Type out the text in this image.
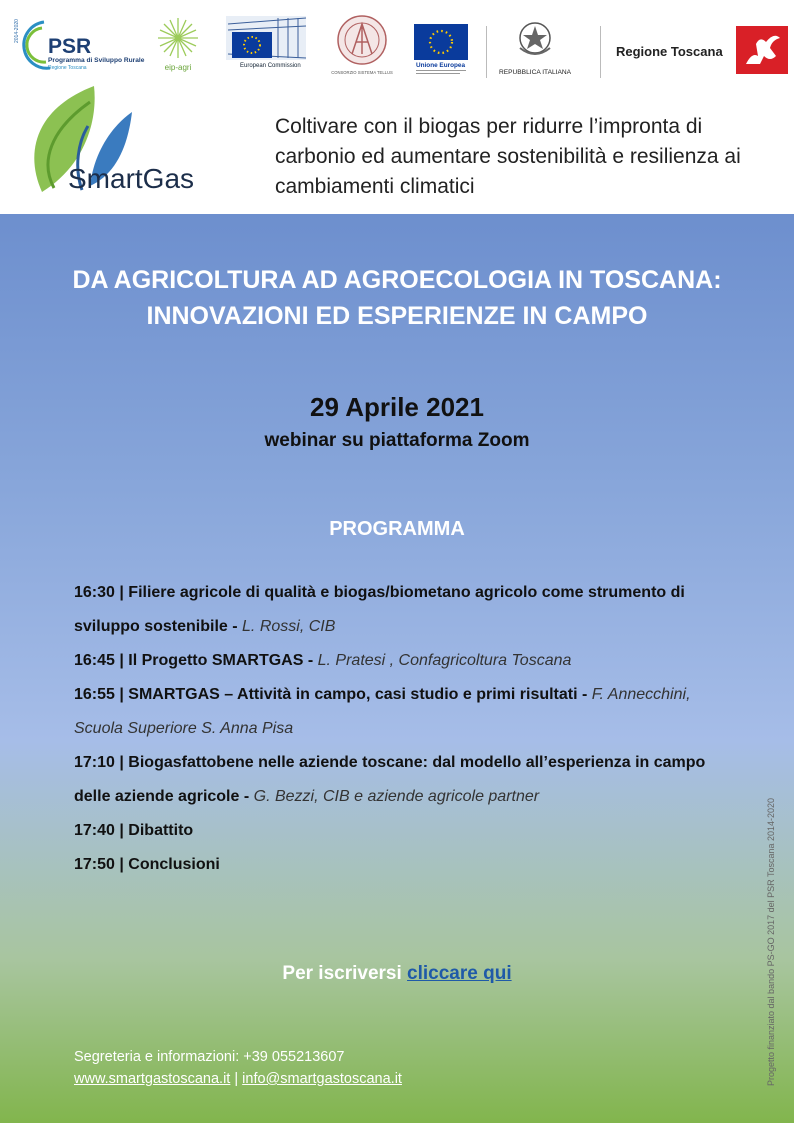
2014-2020
PSR
Programma di Sviluppo Rurale
Regione Toscana	eip-agri	European Commission
CONSORZIO SISTEMA TELLUS
Unione Europea
REPUBBLICA ITALIANA
Regione Toscana
SmartGas
Coltivare con il biogas per ridurre l’impronta di carbonio ed aumentare sostenibilità e resilienza ai cambiamenti climatici
DA AGRICOLTURA AD AGROECOLOGIA IN TOSCANA: INNOVAZIONI ED ESPERIENZE IN CAMPO
29 Aprile 2021
webinar su piattaforma Zoom
PROGRAMMA
16:30 | Filiere agricole di qualità e biogas/biometano agricolo come strumento di sviluppo sostenibile - L. Rossi, CIB
16:45 | Il Progetto SMARTGAS - L. Pratesi , Confagricoltura Toscana
16:55 | SMARTGAS – Attività in campo, casi studio e primi risultati - F. Annecchini, Scuola Superiore S. Anna Pisa
17:10 | Biogasfattobene nelle aziende toscane: dal modello all’esperienza in campo delle aziende agricole - G. Bezzi, CIB e aziende agricole partner
17:40 | Dibattito
17:50 | Conclusioni
Per iscriversi cliccare qui
Segreteria e informazioni: +39 055213607
www.smartgastoscana.it | info@smartgastoscana.it	Progetto finanziato dal bando PS-GO 2017 del PSR Toscana 2014-2020
